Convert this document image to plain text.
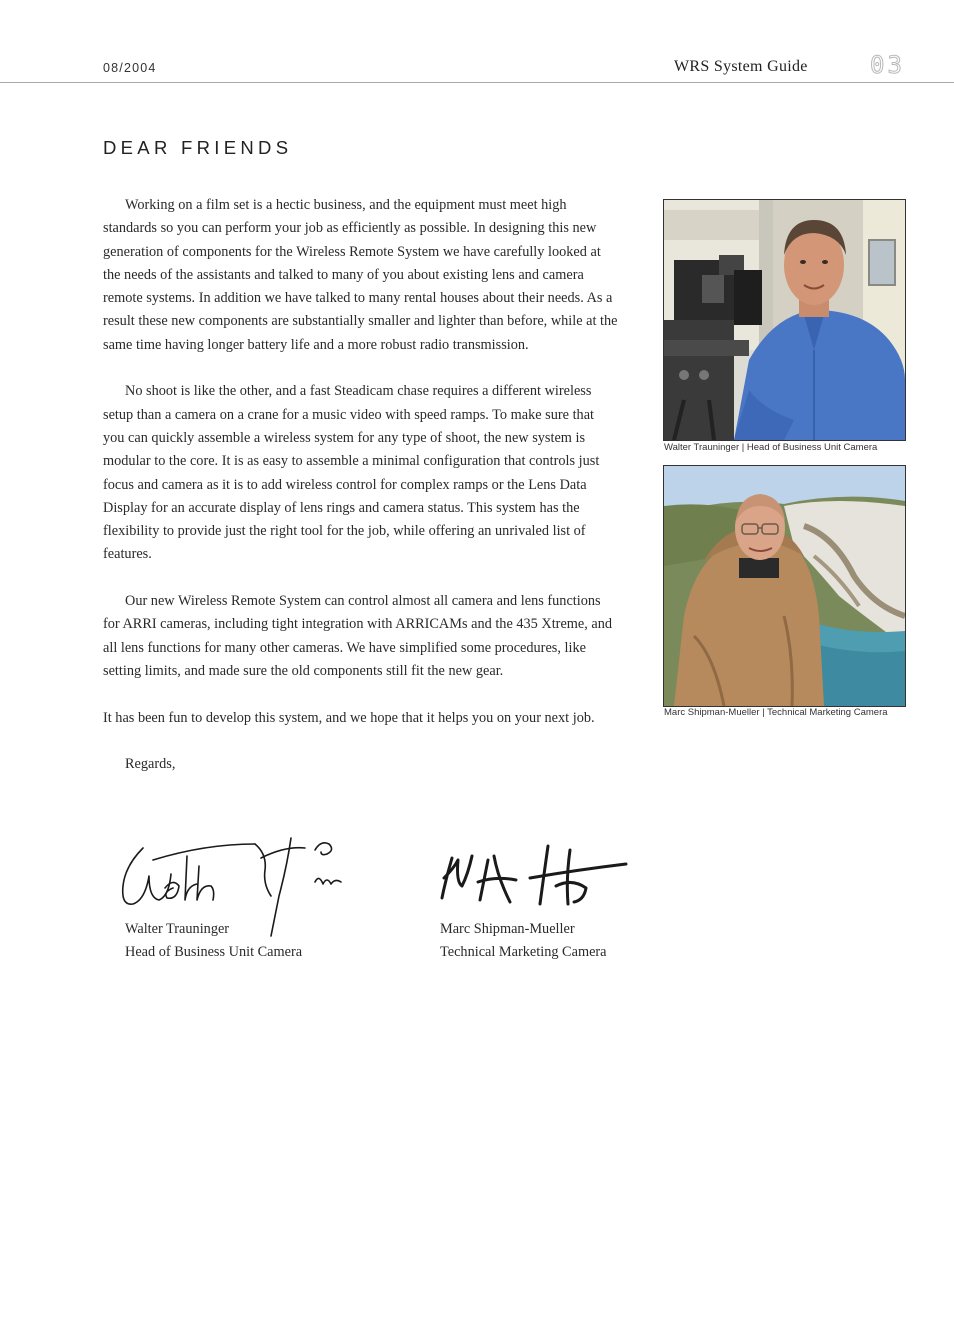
08/2004	WRS System Guide	03
DEAR FRIENDS

Working on a film set is a hectic business, and the equipment must meet high standards so you can perform your job as efficiently as possible. In designing this new generation of components for the Wireless Remote System we have carefully looked at the needs of the assistants and talked to many of you about existing lens and camera remote systems. In addition we have talked to many rental houses about their needs. As a result these new components are substantially smaller and lighter than before, while at the same time having longer battery life and a more robust radio transmission.

No shoot is like the other, and a fast Steadicam chase requires a different wireless setup than a camera on a crane for a music video with speed ramps. To make sure that you can quickly assemble a wireless system for any type of shoot, the new system is modular to the core. It is as easy to assemble a minimal configuration that controls just focus and camera as it is to add wireless control for complex ramps or the Lens Data Display for an accurate display of lens rings and camera status. This system has the flexibility to provide just the right tool for the job, while offering an unrivaled list of features.

Our new Wireless Remote System can control almost all camera and lens functions for ARRI cameras, including tight integration with ARRICAMs and the 435 Xtreme, and all lens functions for many other cameras. We have simplified some procedures, like setting limits, and made sure the old components still fit the new gear.

It has been fun to develop this system, and we hope that it helps you on your next job.

Regards,

Walter Trauninger | Head of Business Unit Camera
Marc Shipman-Mueller | Technical Marketing Camera
Walter Trauninger
Head of Business Unit Camera
Marc Shipman-Mueller
Technical Marketing Camera
